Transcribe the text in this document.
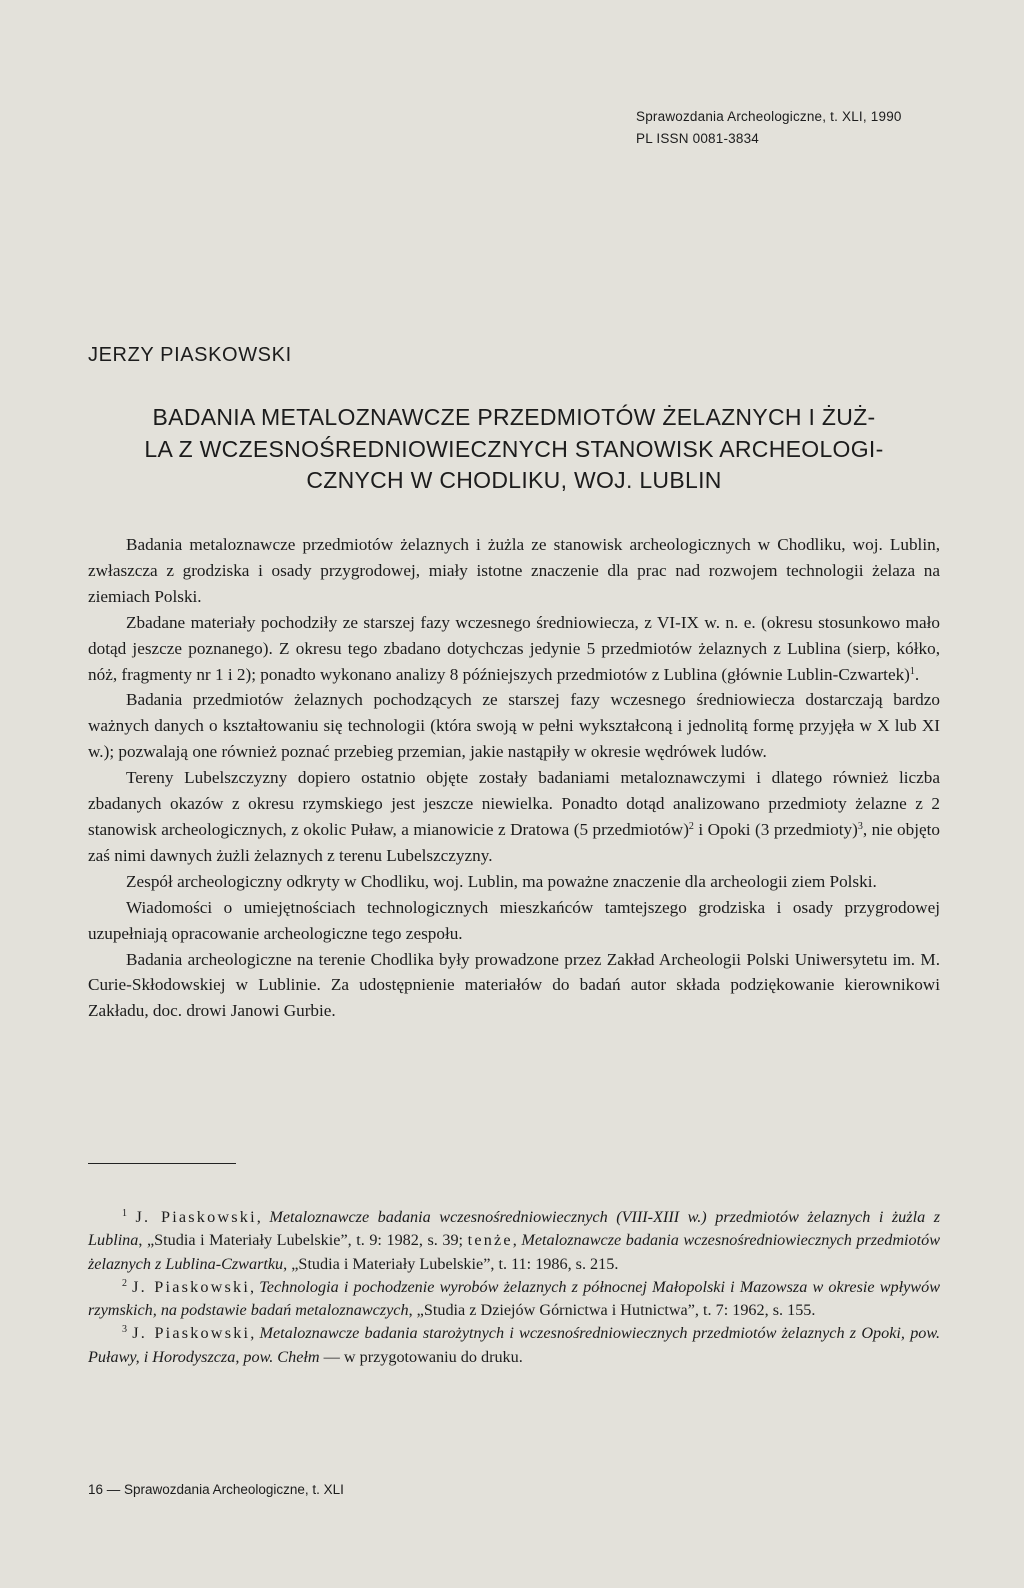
Sprawozdania Archeologiczne, t. XLI, 1990
PL ISSN 0081-3834
JERZY PIASKOWSKI
BADANIA METALOZNAWCZE PRZEDMIOTÓW ŻELAZNYCH I ŻUŻ-
LA Z WCZESNOŚREDNIOWIECZNYCH STANOWISK ARCHEOLOGI-
CZNYCH W CHODLIKU, WOJ. LUBLIN

Badania metaloznawcze przedmiotów żelaznych i żużla ze stanowisk archeologicznych w Chodliku, woj. Lublin, zwłaszcza z grodziska i osady przygrodowej, miały istotne znaczenie dla prac nad rozwojem technologii żelaza na ziemiach Polski.

Zbadane materiały pochodziły ze starszej fazy wczesnego średniowiecza, z VI-IX w. n. e. (okresu stosunkowo mało dotąd jeszcze poznanego). Z okresu tego zbadano dotychczas jedynie 5 przedmiotów żelaznych z Lublina (sierp, kółko, nóż, fragmenty nr 1 i 2); ponadto wykonano analizy 8 późniejszych przedmiotów z Lublina (głównie Lublin-Czwartek)$^1$.

Badania przedmiotów żelaznych pochodzących ze starszej fazy wczesnego średniowiecza dostarczają bardzo ważnych danych o kształtowaniu się technologii (która swoją w pełni wykształconą i jednolitą formę przyjęła w X lub XI w.); pozwalają one również poznać przebieg przemian, jakie nastąpiły w okresie wędrówek ludów.

Tereny Lubelszczyzny dopiero ostatnio objęte zostały badaniami metaloznawczymi i dlatego również liczba zbadanych okazów z okresu rzymskiego jest jeszcze niewielka. Ponadto dotąd analizowano przedmioty żelazne z 2 stanowisk archeologicznych, z okolic Puław, a mianowicie z Dratowa (5 przedmiotów)$^2$ i Opoki (3 przedmioty)$^3$, nie objęto zaś nimi dawnych żużli żelaznych z terenu Lubelszczyzny.

Zespół archeologiczny odkryty w Chodliku, woj. Lublin, ma poważne znaczenie dla archeologii ziem Polski.

Wiadomości o umiejętnościach technologicznych mieszkańców tamtejszego grodziska i osady przygrodowej uzupełniają opracowanie archeologiczne tego zespołu.

Badania archeologiczne na terenie Chodlika były prowadzone przez Zakład Archeologii Polski Uniwersytetu im. M. Curie-Skłodowskiej w Lublinie. Za udostępnienie materiałów do badań autor składa podziękowanie kierownikowi Zakładu, doc. drowi Janowi Gurbie.

$^1$ J. Piaskowski, Metaloznawcze badania wczesnośredniowiecznych (VIII-XIII w.) przedmiotów żelaznych i żużla z Lublina, „Studia i Materiały Lubelskie”, t. 9: 1982, s. 39; tenże, Metaloznawcze badania wczesnośredniowiecznych przedmiotów żelaznych z Lublina-Czwartku, „Studia i Materiały Lubelskie”, t. 11: 1986, s. 215.

$^2$ J. Piaskowski, Technologia i pochodzenie wyrobów żelaznych z północnej Małopolski i Mazowsza w okresie wpływów rzymskich, na podstawie badań metaloznawczych, „Studia z Dziejów Górnictwa i Hutnictwa”, t. 7: 1962, s. 155.

$^3$ J. Piaskowski, Metaloznawcze badania starożytnych i wczesnośredniowiecznych przedmiotów żelaznych z Opoki, pow. Puławy, i Horodyszcza, pow. Chełm — w przygotowaniu do druku.

16 — Sprawozdania Archeologiczne, t. XLI
